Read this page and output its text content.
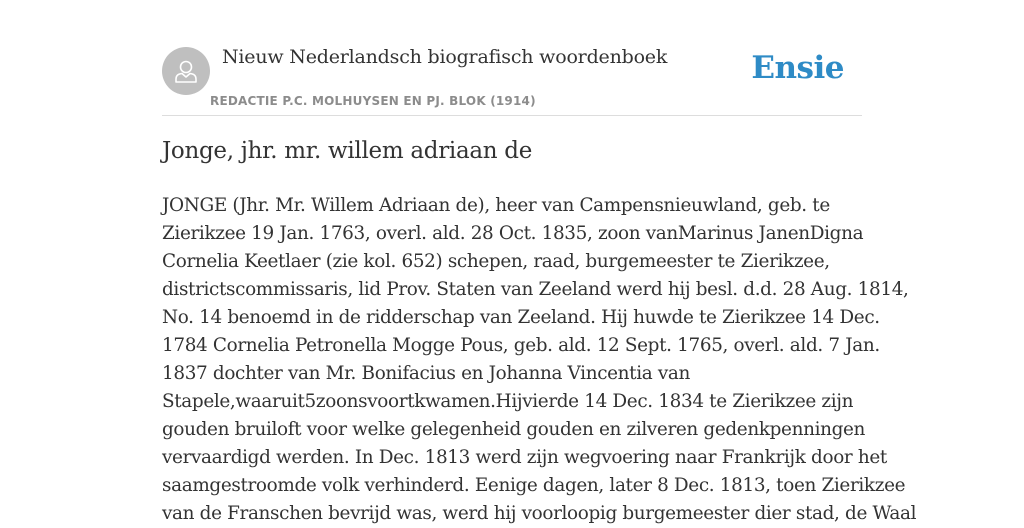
Nieuw Nederlandsch biografisch woordenboek
REDACTIE P.C. MOLHUYSEN EN PJ. BLOK (1914)
Ensie
Jonge, jhr. mr. willem adriaan de
JONGE (Jhr. Mr. Willem Adriaan de), heer van Campensnieuwland, geb. te
Zierikzee 19 Jan. 1763, overl. ald. 28 Oct. 1835, zoon vanMarinus JanenDigna
Cornelia Keetlaer (zie kol. 652) schepen, raad, burgemeester te Zierikzee,
districtscommissaris, lid Prov. Staten van Zeeland werd hij besl. d.d. 28 Aug. 1814,
No. 14 benoemd in de ridderschap van Zeeland. Hij huwde te Zierikzee 14 Dec.
1784 Cornelia Petronella Mogge Pous, geb. ald. 12 Sept. 1765, overl. ald. 7 Jan.
1837 dochter van Mr. Bonifacius en Johanna Vincentia van
Stapele,waaruit5zoonsvoortkwamen.Hijvierde 14 Dec. 1834 te Zierikzee zijn
gouden bruiloft voor welke gelegenheid gouden en zilveren gedenkpenningen
vervaardigd werden. In Dec. 1813 werd zijn wegvoering naar Frankrijk door het
saamgestroomde volk verhinderd. Eenige dagen, later 8 Dec. 1813, toen Zierikzee
van de Franschen bevrijd was, werd hij voorloopig burgemeester dier stad, de Waal
